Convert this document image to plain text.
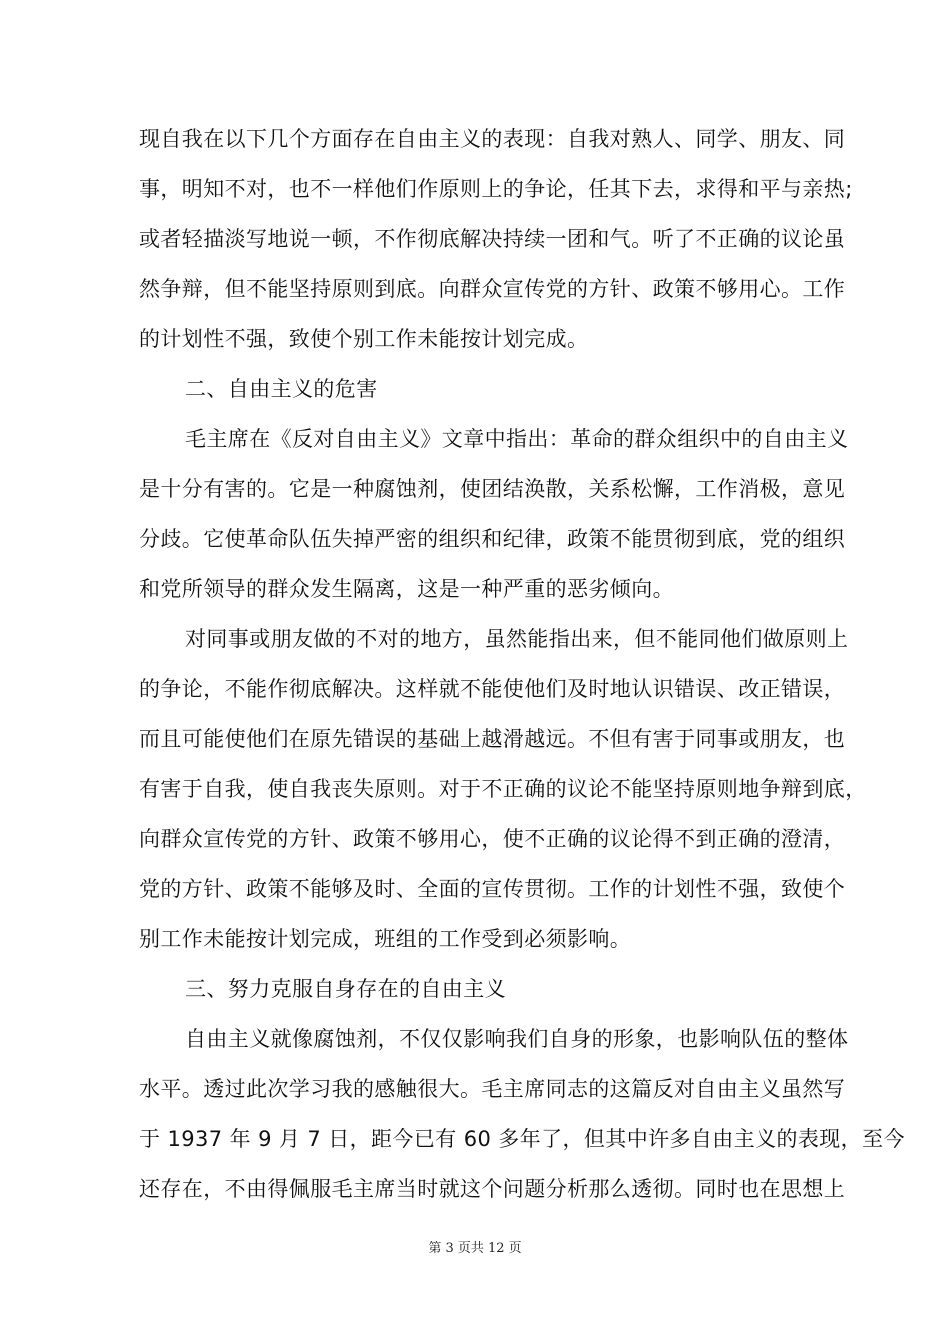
现自我在以下几个方面存在自由主义的表现：自我对熟人、同学、朋友、同
事，明知不对，也不一样他们作原则上的争论，任其下去，求得和平与亲热;
或者轻描淡写地说一顿，不作彻底解决持续一团和气。听了不正确的议论虽
然争辩，但不能坚持原则到底。向群众宣传党的方针、政策不够用心。工作
的计划性不强，致使个别工作未能按计划完成。
二、自由主义的危害
毛主席在《反对自由主义》文章中指出：革命的群众组织中的自由主义
是十分有害的。它是一种腐蚀剂，使团结涣散，关系松懈，工作消极，意见
分歧。它使革命队伍失掉严密的组织和纪律，政策不能贯彻到底，党的组织
和党所领导的群众发生隔离，这是一种严重的恶劣倾向。
对同事或朋友做的不对的地方，虽然能指出来，但不能同他们做原则上
的争论，不能作彻底解决。这样就不能使他们及时地认识错误、改正错误，
而且可能使他们在原先错误的基础上越滑越远。不但有害于同事或朋友，也
有害于自我，使自我丧失原则。对于不正确的议论不能坚持原则地争辩到底，
向群众宣传党的方针、政策不够用心，使不正确的议论得不到正确的澄清，
党的方针、政策不能够及时、全面的宣传贯彻。工作的计划性不强，致使个
别工作未能按计划完成，班组的工作受到必须影响。
三、努力克服自身存在的自由主义
自由主义就像腐蚀剂，不仅仅影响我们自身的形象，也影响队伍的整体
水平。透过此次学习我的感触很大。毛主席同志的这篇反对自由主义虽然写
于 1937 年 9 月 7 日，距今已有 60 多年了，但其中许多自由主义的表现，至今
还存在，不由得佩服毛主席当时就这个问题分析那么透彻。同时也在思想上
第 3 页共 12 页
